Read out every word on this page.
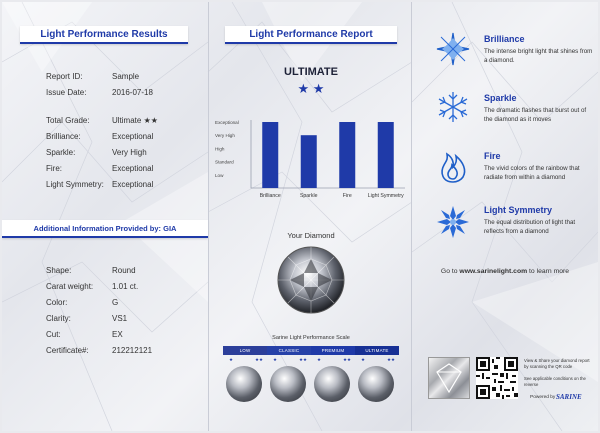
Light Performance Results
Report ID:	Sample
Issue Date:	2016-07-18
Total Grade:	Ultimate ★★
Brilliance:	Exceptional
Sparkle:	Very High
Fire:	Exceptional
Light Symmetry: Exceptional
Additional Information Provided by: GIA
Shape:	Round
Carat weight: 1.01 ct.
Color:	G
Clarity:	VS1
Cut:	EX
Certificate#:	212212121
Light Performance Report
ULTIMATE
★ ★
Low
Standard
High
Very High
Exceptional
Brilliance	Sparkle	Fire	Light Symmetry
Your Diamond
Sarine Light Performance Scale
LOW	CLASSIC	PREMIUM	ULTIMATE
★	★★ ★	★★ ★	★★ ★	★★
Brilliance
The intense bright light that shines from a diamond.
Sparkle
The dramatic flashes that burst out of the diamond as it moves
Fire
The vivid colors of the rainbow that radiate from within a diamond
Light Symmetry
The equal distribution of light that reflects from a diamond
Go to www.sarinelight.com to learn more
View & Share your diamond report by scanning the QR code
See applicable conditions on the reverse
Powered by SARINE
